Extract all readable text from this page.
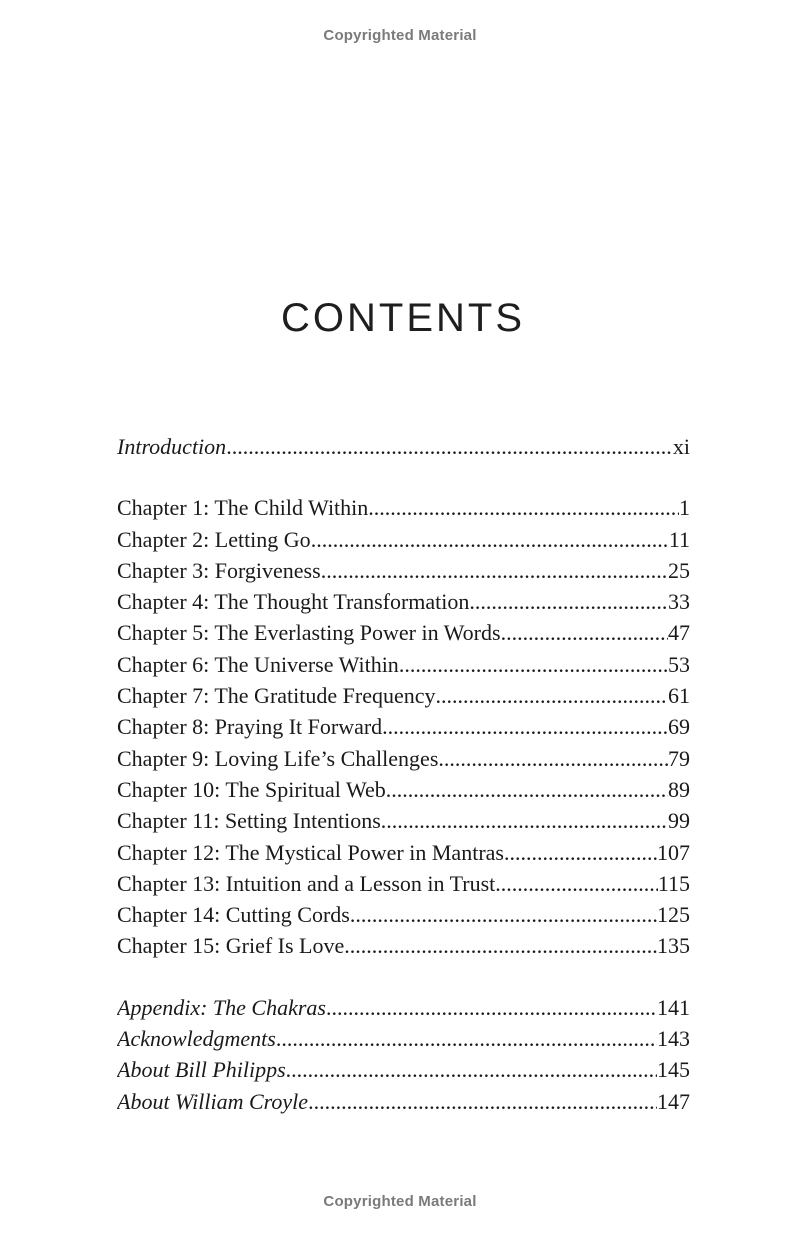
Copyrighted Material
CONTENTS
Introduction .....	xi
Chapter 1: The Child Within .....	1
Chapter 2: Letting Go .....	11
Chapter 3: Forgiveness .....	25
Chapter 4: The Thought Transformation .....	33
Chapter 5: The Everlasting Power in Words .....	47
Chapter 6: The Universe Within .....	53
Chapter 7: The Gratitude Frequency .....	61
Chapter 8: Praying It Forward .....	69
Chapter 9: Loving Life’s Challenges .....	79
Chapter 10: The Spiritual Web .....	89
Chapter 11: Setting Intentions .....	99
Chapter 12: The Mystical Power in Mantras .....	107
Chapter 13: Intuition and a Lesson in Trust .....	115
Chapter 14: Cutting Cords .....	125
Chapter 15: Grief Is Love .....	135
Appendix: The Chakras .....	141
Acknowledgments .....	143
About Bill Philipps .....	145
About William Croyle .....	147
Copyrighted Material
